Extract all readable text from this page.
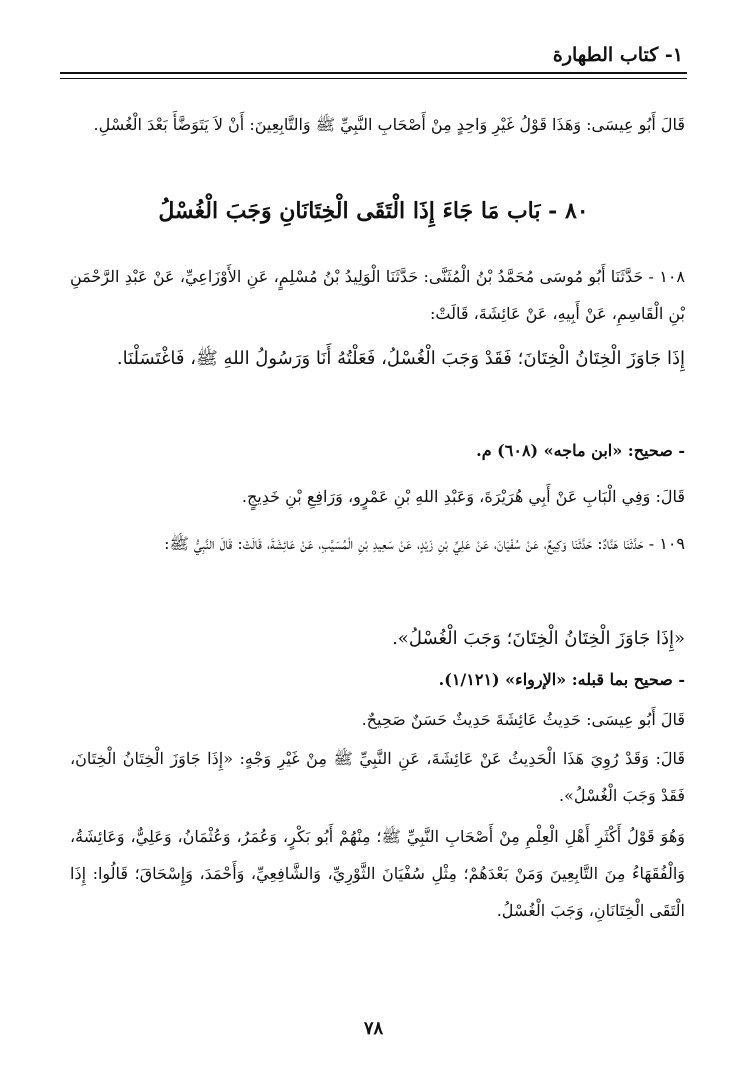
١- كتاب الطهارة
قَالَ أَبُو عِيسَى: وَهَذَا قَوْلُ غَيْرِ وَاحِدٍ مِنْ أَصْحَابِ النَّبِيِّ ﷺ وَالتَّابِعِينَ: أَنْ لاَ يَتَوَضَّأَ بَعْدَ الْغُسْلِ.
٨٠ - بَاب مَا جَاءَ إِذَا الْتَقَى الْخِتَانَانِ وَجَبَ الْغُسْلُ
١٠٨ - حَدَّثَنَا أَبُو مُوسَى مُحَمَّدُ بْنُ الْمُثَنَّى: حَدَّثَنَا الْوَلِيدُ بْنُ مُسْلِمٍ، عَنِ الأَوْزَاعِيِّ، عَنْ عَبْدِ الرَّحْمَنِ بْنِ الْقَاسِمِ، عَنْ أَبِيهِ، عَنْ عَائِشَةَ، قَالَتْ:
إِذَا جَاوَزَ الْخِتَانُ الْخِتَانَ؛ فَقَدْ وَجَبَ الْغُسْلُ، فَعَلْتُهُ أَنَا وَرَسُولُ اللهِ ﷺ، فَاغْتَسَلْنَا.
- صحيح: «ابن ماجه» (٦٠٨) م.
قَالَ: وَفِي الْبَابِ عَنْ أَبِي هُرَيْرَةَ، وَعَبْدِ اللهِ بْنِ عَمْرٍو، وَرَافِعِ بْنِ خَدِيجٍ.
١٠٩ - حَدَّثَنَا هَنَّادٌ: حَدَّثَنَا وَكِيعٌ، عَنْ سُفْيَانَ، عَنْ عَلِيِّ بْنِ زَيْدٍ، عَنْ سَعِيدِ بْنِ الْمُسَيَّبِ، عَنْ عَائِشَةَ، قَالَتْ: قَالَ النَّبِيُّ ﷺ:
«إِذَا جَاوَزَ الْخِتَانُ الْخِتَانَ؛ وَجَبَ الْغُسْلُ».
- صحيح بما قبله: «الإرواء» (١/١٢١).
قَالَ أَبُو عِيسَى: حَدِيثُ عَائِشَةَ حَدِيثٌ حَسَنٌ صَحِيحٌ.
قَالَ: وَقَدْ رُوِيَ هَذَا الْحَدِيثُ عَنْ عَائِشَةَ، عَنِ النَّبِيِّ ﷺ مِنْ غَيْرِ وَجْهٍ: «إِذَا جَاوَزَ الْخِتَانُ الْخِتَانَ، فَقَدْ وَجَبَ الْغُسْلُ».
وَهُوَ قَوْلُ أَكْثَرِ أَهْلِ الْعِلْمِ مِنْ أَصْحَابِ النَّبِيِّ ﷺ؛ مِنْهُمْ أَبُو بَكْرٍ، وَعُمَرُ، وَعُثْمَانُ، وَعَلِيٌّ، وَعَائِشَةُ، وَالْفُقَهَاءُ مِنَ التَّابِعِينَ وَمَنْ بَعْدَهُمْ؛ مِثْلِ سُفْيَانَ الثَّوْرِيِّ، وَالشَّافِعِيِّ، وَأَحْمَدَ، وَإِسْحَاقَ؛ قَالُوا: إِذَا الْتَقَى الْخِتَانَانِ، وَجَبَ الْغُسْلُ.
٧٨
